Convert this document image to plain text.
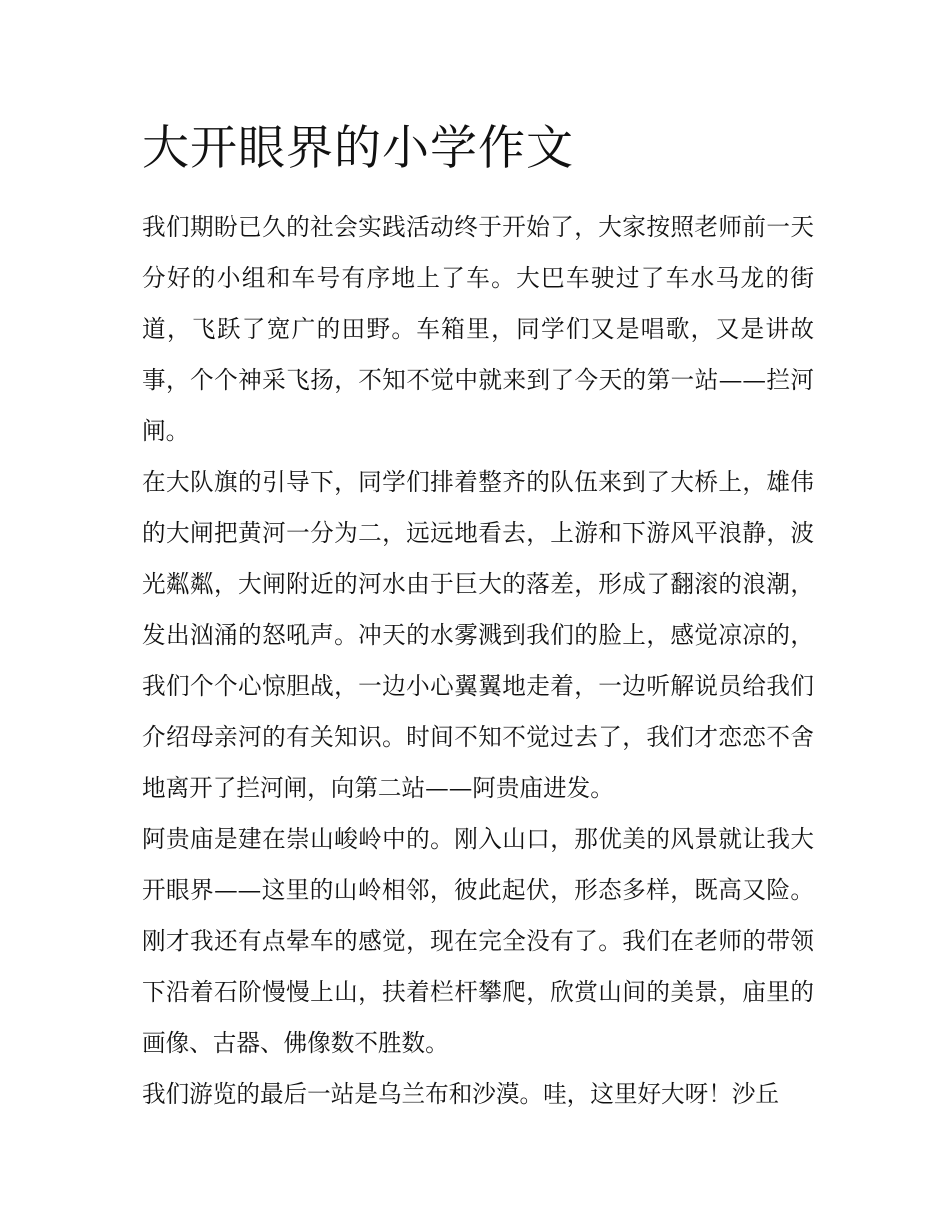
大开眼界的小学作文

我们期盼已久的社会实践活动终于开始了，大家按照老师前一天分好的小组和车号有序地上了车。大巴车驶过了车水马龙的街道，飞跃了宽广的田野。车箱里，同学们又是唱歌，又是讲故事，个个神采飞扬，不知不觉中就来到了今天的第一站——拦河闸。

在大队旗的引导下，同学们排着整齐的队伍来到了大桥上，雄伟的大闸把黄河一分为二，远远地看去，上游和下游风平浪静，波光粼粼，大闸附近的河水由于巨大的落差，形成了翻滚的浪潮，发出汹涌的怒吼声。冲天的水雾溅到我们的脸上，感觉凉凉的，我们个个心惊胆战，一边小心翼翼地走着，一边听解说员给我们介绍母亲河的有关知识。时间不知不觉过去了，我们才恋恋不舍地离开了拦河闸，向第二站——阿贵庙进发。

阿贵庙是建在崇山峻岭中的。刚入山口，那优美的风景就让我大开眼界——这里的山岭相邻，彼此起伏，形态多样，既高又险。刚才我还有点晕车的感觉，现在完全没有了。我们在老师的带领下沿着石阶慢慢上山，扶着栏杆攀爬，欣赏山间的美景，庙里的画像、古器、佛像数不胜数。

我们游览的最后一站是乌兰布和沙漠。哇，这里好大呀！沙丘
